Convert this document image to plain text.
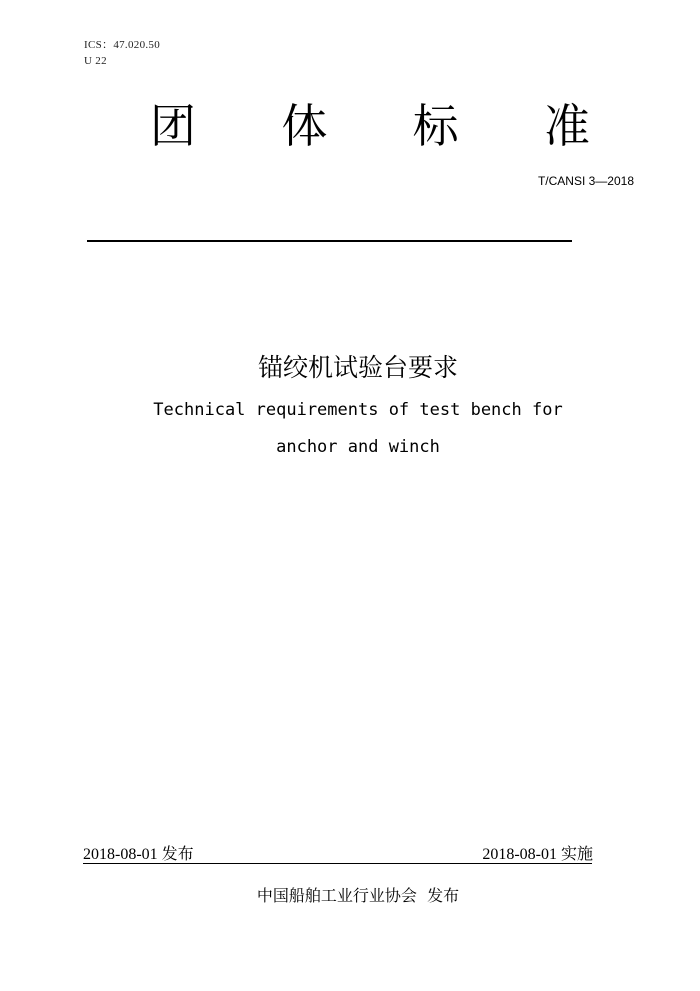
ICS：47.020.50
U 22
团 体 标 准
T/CANSI 3—2018
锚绞机试验台要求
Technical requirements of test bench for
anchor and winch
2018-08-01 发布	2018-08-01 实施
中国船舶工业行业协会  发布
